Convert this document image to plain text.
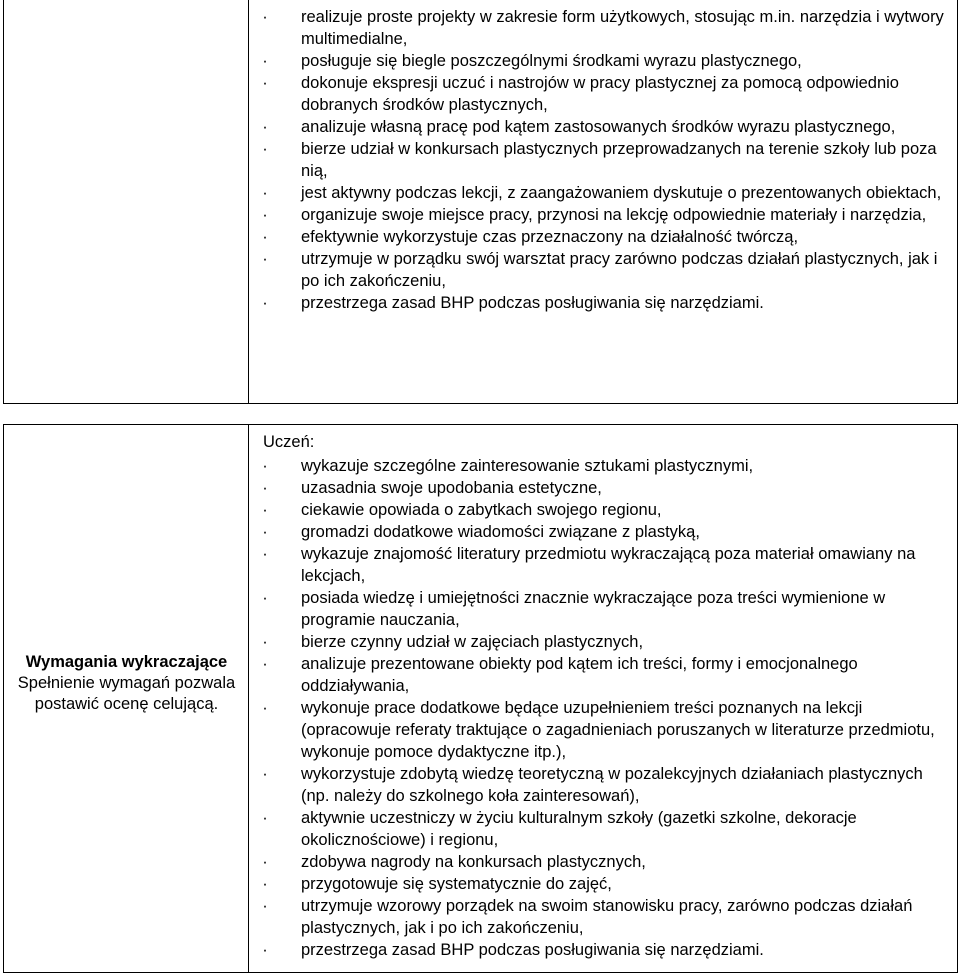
· realizuje proste projekty w zakresie form użytkowych, stosując m.in. narzędzia i wytwory multimedialne,
· posługuje się biegle poszczególnymi środkami wyrazu plastycznego,
· dokonuje ekspresji uczuć i nastrojów w pracy plastycznej za pomocą odpowiednio dobranych środków plastycznych,
· analizuje własną pracę pod kątem zastosowanych środków wyrazu plastycznego,
· bierze udział w konkursach plastycznych przeprowadzanych na terenie szkoły lub poza nią,
· jest aktywny podczas lekcji, z zaangażowaniem dyskutuje o prezentowanych obiektach,
· organizuje swoje miejsce pracy, przynosi na lekcję odpowiednie materiały i narzędzia,
· efektywnie wykorzystuje czas przeznaczony na działalność twórczą,
· utrzymuje w porządku swój warsztat pracy zarówno podczas działań plastycznych, jak i po ich zakończeniu,
· przestrzega zasad BHP podczas posługiwania się narzędziami.
Wymagania wykraczające
Spełnienie wymagań pozwala postawić ocenę celującą.
Uczeń:
· wykazuje szczególne zainteresowanie sztukami plastycznymi,
· uzasadnia swoje upodobania estetyczne,
· ciekawie opowiada o zabytkach swojego regionu,
· gromadzi dodatkowe wiadomości związane z plastyką,
· wykazuje znajomość literatury przedmiotu wykraczającą poza materiał omawiany na lekcjach,
· posiada wiedzę i umiejętności znacznie wykraczające poza treści wymienione w programie nauczania,
· bierze czynny udział w zajęciach plastycznych,
· analizuje prezentowane obiekty pod kątem ich treści, formy i emocjonalnego oddziaływania,
· wykonuje prace dodatkowe będące uzupełnieniem treści poznanych na lekcji (opracowuje referaty traktujące o zagadnieniach poruszanych w literaturze przedmiotu, wykonuje pomoce dydaktyczne itp.),
· wykorzystuje zdobytą wiedzę teoretyczną w pozalekcyjnych działaniach plastycznych (np. należy do szkolnego koła zainteresowań),
· aktywnie uczestniczy w życiu kulturalnym szkoły (gazetki szkolne, dekoracje okolicznościowe) i regionu,
· zdobywa nagrody na konkursach plastycznych,
· przygotowuje się systematycznie do zajęć,
· utrzymuje wzorowy porządek na swoim stanowisku pracy, zarówno podczas działań plastycznych, jak i po ich zakończeniu,
· przestrzega zasad BHP podczas posługiwania się narzędziami.
